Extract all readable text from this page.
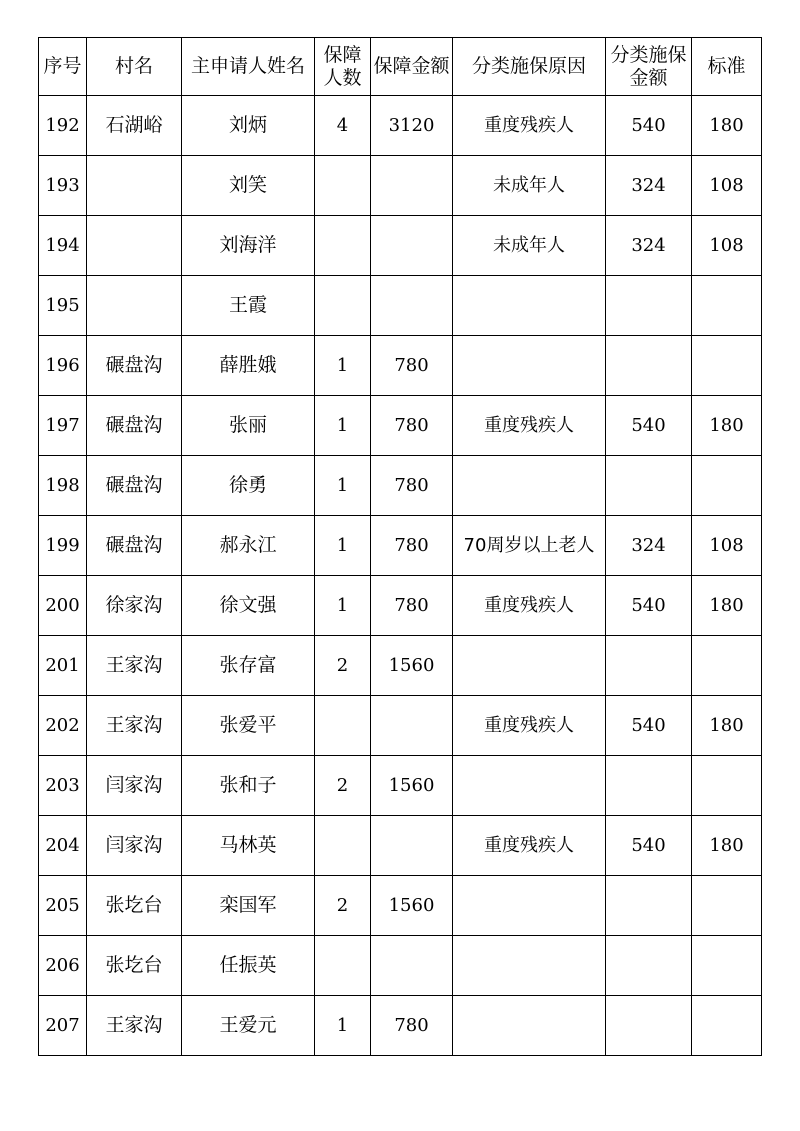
序号	村名	主申请人姓名	保障人数	保障金额	分类施保原因	分类施保金额	标准
192	石湖峪	刘炳	4	3120	重度残疾人	540	180
193		刘笑			未成年人	324	108
194		刘海洋			未成年人	324	108
195		王霞					
196	碾盘沟	薛胜娥	1	780			
197	碾盘沟	张丽	1	780	重度残疾人	540	180
198	碾盘沟	徐勇	1	780			
199	碾盘沟	郝永江	1	780	70周岁以上老人	324	108
200	徐家沟	徐文强	1	780	重度残疾人	540	180
201	王家沟	张存富	2	1560			
202	王家沟	张爱平			重度残疾人	540	180
203	闫家沟	张和子	2	1560			
204	闫家沟	马林英			重度残疾人	540	180
205	张圪台	栾国军	2	1560			
206	张圪台	任振英					
207	王家沟	王爱元	1	780			
